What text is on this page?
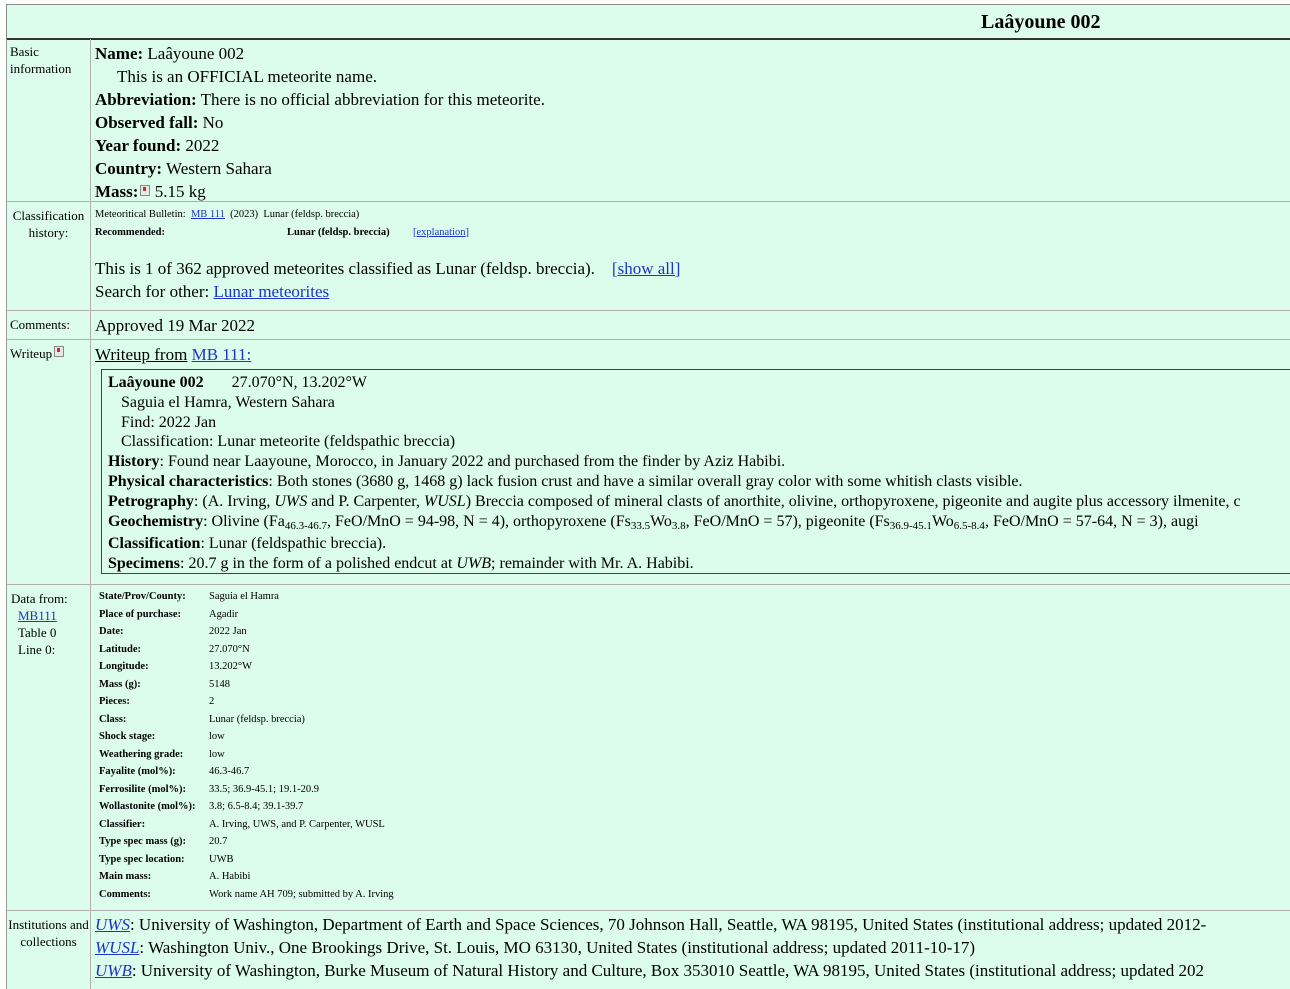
Laâyoune 002
Basic information
Name: Laâyoune 002
This is an OFFICIAL meteorite name.
Abbreviation: There is no official abbreviation for this meteorite.
Observed fall: No
Year found: 2022
Country: Western Sahara
Mass: 5.15 kg
Classification history:
Meteoritical Bulletin: MB 111 (2023) Lunar (feldsp. breccia)
Recommended:	Lunar (feldsp. breccia) [explanation]
This is 1 of 362 approved meteorites classified as Lunar (feldsp. breccia). [show all]
Search for other: Lunar meteorites
Comments:	Approved 19 Mar 2022
Writeup	Writeup from MB 111:
Laâyoune 002 27.070°N, 13.202°W
Saguia el Hamra, Western Sahara
Find: 2022 Jan
Classification: Lunar meteorite (feldspathic breccia)
History: Found near Laayoune, Morocco, in January 2022 and purchased from the finder by Aziz Habibi.
Physical characteristics: Both stones (3680 g, 1468 g) lack fusion crust and have a similar overall gray color with some whitish clasts visible.
Petrography: (A. Irving, UWS and P. Carpenter, WUSL) Breccia composed of mineral clasts of anorthite, olivine, orthopyroxene, pigeonite and augite plus accessory ilmenite, c
Geochemistry: Olivine ($Fa_{46.3-46.7}$, FeO/MnO = 94-98, N = 4), orthopyroxene ($Fs_{33.5}Wo_{3.8}$, FeO/MnO = 57), pigeonite ($Fs_{36.9-45.1}Wo_{6.5-8.4}$, FeO/MnO = 57-64, N = 3), augi
Classification: Lunar (feldspathic breccia).
Specimens: 20.7 g in the form of a polished endcut at UWB; remainder with Mr. A. Habibi.
Data from:
MB111
Table 0
Line 0:
State/Prov/County: Saguia el Hamra
Place of purchase:	Agadir
Date:	2022 Jan
Latitude:	27.070°N
Longitude:	13.202°W
Mass (g):	5148
Pieces:	2
Class:	Lunar (feldsp. breccia)
Shock stage:	low
Weathering grade: low
Fayalite (mol%):	46.3-46.7
Ferrosilite (mol%): 33.5; 36.9-45.1; 19.1-20.9
Wollastonite (mol%): 3.8; 6.5-8.4; 39.1-39.7
Classifier:	A. Irving, UWS, and P. Carpenter, WUSL
Type spec mass (g): 20.7
Type spec location: UWB
Main mass:	A. Habibi
Comments:	Work name AH 709; submitted by A. Irving
Institutions and collections
UWS: University of Washington, Department of Earth and Space Sciences, 70 Johnson Hall, Seattle, WA 98195, United States (institutional address; updated 2012-
WUSL: Washington Univ., One Brookings Drive, St. Louis, MO 63130, United States (institutional address; updated 2011-10-17)
UWB: University of Washington, Burke Museum of Natural History and Culture, Box 353010 Seattle, WA 98195, United States (institutional address; updated 202
